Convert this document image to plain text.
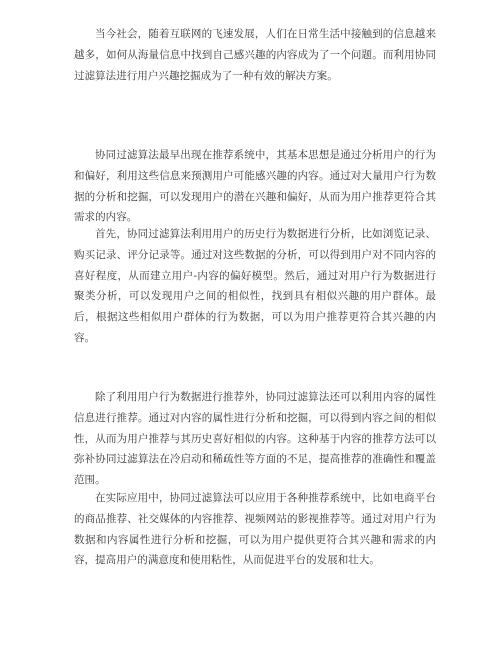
当今社会，随着互联网的飞速发展，人们在日常生活中接触到的信息越来越多，如何从海量信息中找到自己感兴趣的内容成为了一个问题。而利用协同过滤算法进行用户兴趣挖掘成为了一种有效的解决方案。

协同过滤算法最早出现在推荐系统中，其基本思想是通过分析用户的行为和偏好，利用这些信息来预测用户可能感兴趣的内容。通过对大量用户行为数据的分析和挖掘，可以发现用户的潜在兴趣和偏好，从而为用户推荐更符合其需求的内容。

首先，协同过滤算法利用用户的历史行为数据进行分析，比如浏览记录、购买记录、评分记录等。通过对这些数据的分析，可以得到用户对不同内容的喜好程度，从而建立用户-内容的偏好模型。然后，通过对用户行为数据进行聚类分析，可以发现用户之间的相似性，找到具有相似兴趣的用户群体。最后，根据这些相似用户群体的行为数据，可以为用户推荐更符合其兴趣的内容。

除了利用用户行为数据进行推荐外，协同过滤算法还可以利用内容的属性信息进行推荐。通过对内容的属性进行分析和挖掘，可以得到内容之间的相似性，从而为用户推荐与其历史喜好相似的内容。这种基于内容的推荐方法可以弥补协同过滤算法在冷启动和稀疏性等方面的不足，提高推荐的准确性和覆盖范围。

在实际应用中，协同过滤算法可以应用于各种推荐系统中，比如电商平台的商品推荐、社交媒体的内容推荐、视频网站的影视推荐等。通过对用户行为数据和内容属性进行分析和挖掘，可以为用户提供更符合其兴趣和需求的内容，提高用户的满意度和使用粘性，从而促进平台的发展和壮大。
